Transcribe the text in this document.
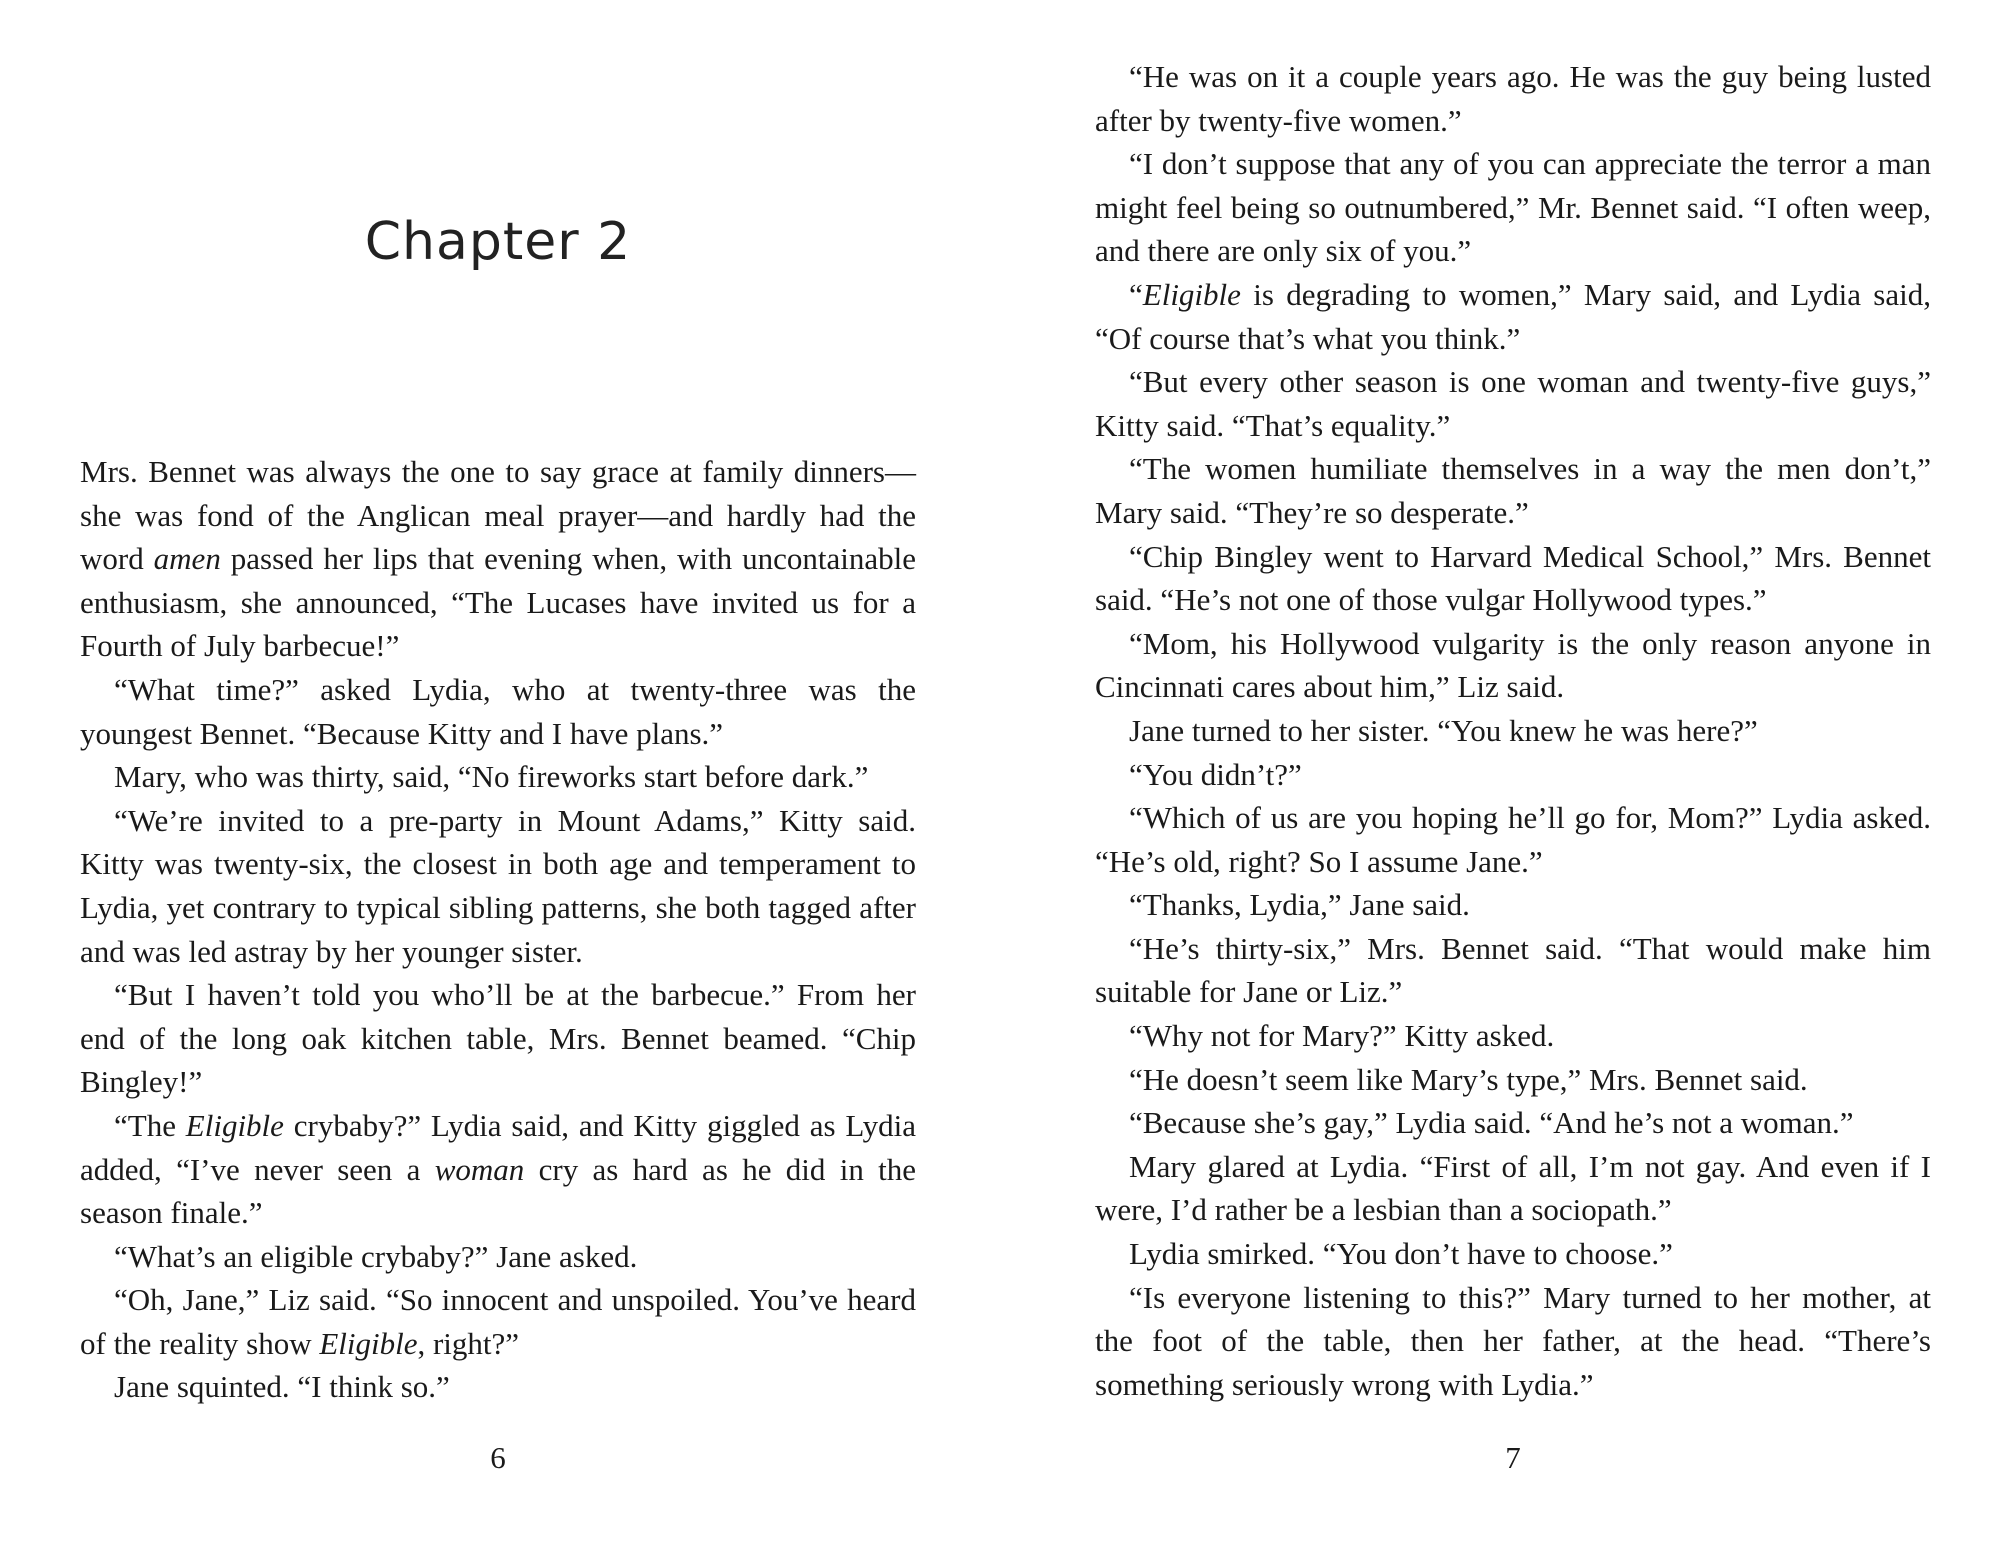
Chapter 2

Mrs. Bennet was always the one to say grace at family dinners—she was fond of the Anglican meal prayer—and hardly had the word amen passed her lips that evening when, with uncontainable enthusiasm, she announced, “The Lucases have invited us for a Fourth of July barbecue!”

“What time?” asked Lydia, who at twenty-three was the youngest Bennet. “Because Kitty and I have plans.”

Mary, who was thirty, said, “No fireworks start before dark.”

“We’re invited to a pre-party in Mount Adams,” Kitty said. Kitty was twenty-six, the closest in both age and temperament to Lydia, yet contrary to typical sibling patterns, she both tagged after and was led astray by her younger sister.

“But I haven’t told you who’ll be at the barbecue.” From her end of the long oak kitchen table, Mrs. Bennet beamed. “Chip Bingley!”

“The Eligible crybaby?” Lydia said, and Kitty giggled as Lydia added, “I’ve never seen a woman cry as hard as he did in the season finale.”

“What’s an eligible crybaby?” Jane asked.

“Oh, Jane,” Liz said. “So innocent and unspoiled. You’ve heard of the reality show Eligible, right?”

Jane squinted. “I think so.”

6

“He was on it a couple years ago. He was the guy being lusted after by twenty-five women.”

“I don’t suppose that any of you can appreciate the terror a man might feel being so outnumbered,” Mr. Bennet said. “I often weep, and there are only six of you.”

“Eligible is degrading to women,” Mary said, and Lydia said, “Of course that’s what you think.”

“But every other season is one woman and twenty-five guys,” Kitty said. “That’s equality.”

“The women humiliate themselves in a way the men don’t,” Mary said. “They’re so desperate.”

“Chip Bingley went to Harvard Medical School,” Mrs. Bennet said. “He’s not one of those vulgar Hollywood types.”

“Mom, his Hollywood vulgarity is the only reason anyone in Cincinnati cares about him,” Liz said.

Jane turned to her sister. “You knew he was here?”

“You didn’t?”

“Which of us are you hoping he’ll go for, Mom?” Lydia asked. “He’s old, right? So I assume Jane.”

“Thanks, Lydia,” Jane said.

“He’s thirty-six,” Mrs. Bennet said. “That would make him suitable for Jane or Liz.”

“Why not for Mary?” Kitty asked.

“He doesn’t seem like Mary’s type,” Mrs. Bennet said.

“Because she’s gay,” Lydia said. “And he’s not a woman.”

Mary glared at Lydia. “First of all, I’m not gay. And even if I were, I’d rather be a lesbian than a sociopath.”

Lydia smirked. “You don’t have to choose.”

“Is everyone listening to this?” Mary turned to her mother, at the foot of the table, then her father, at the head. “There’s something seriously wrong with Lydia.”

7
